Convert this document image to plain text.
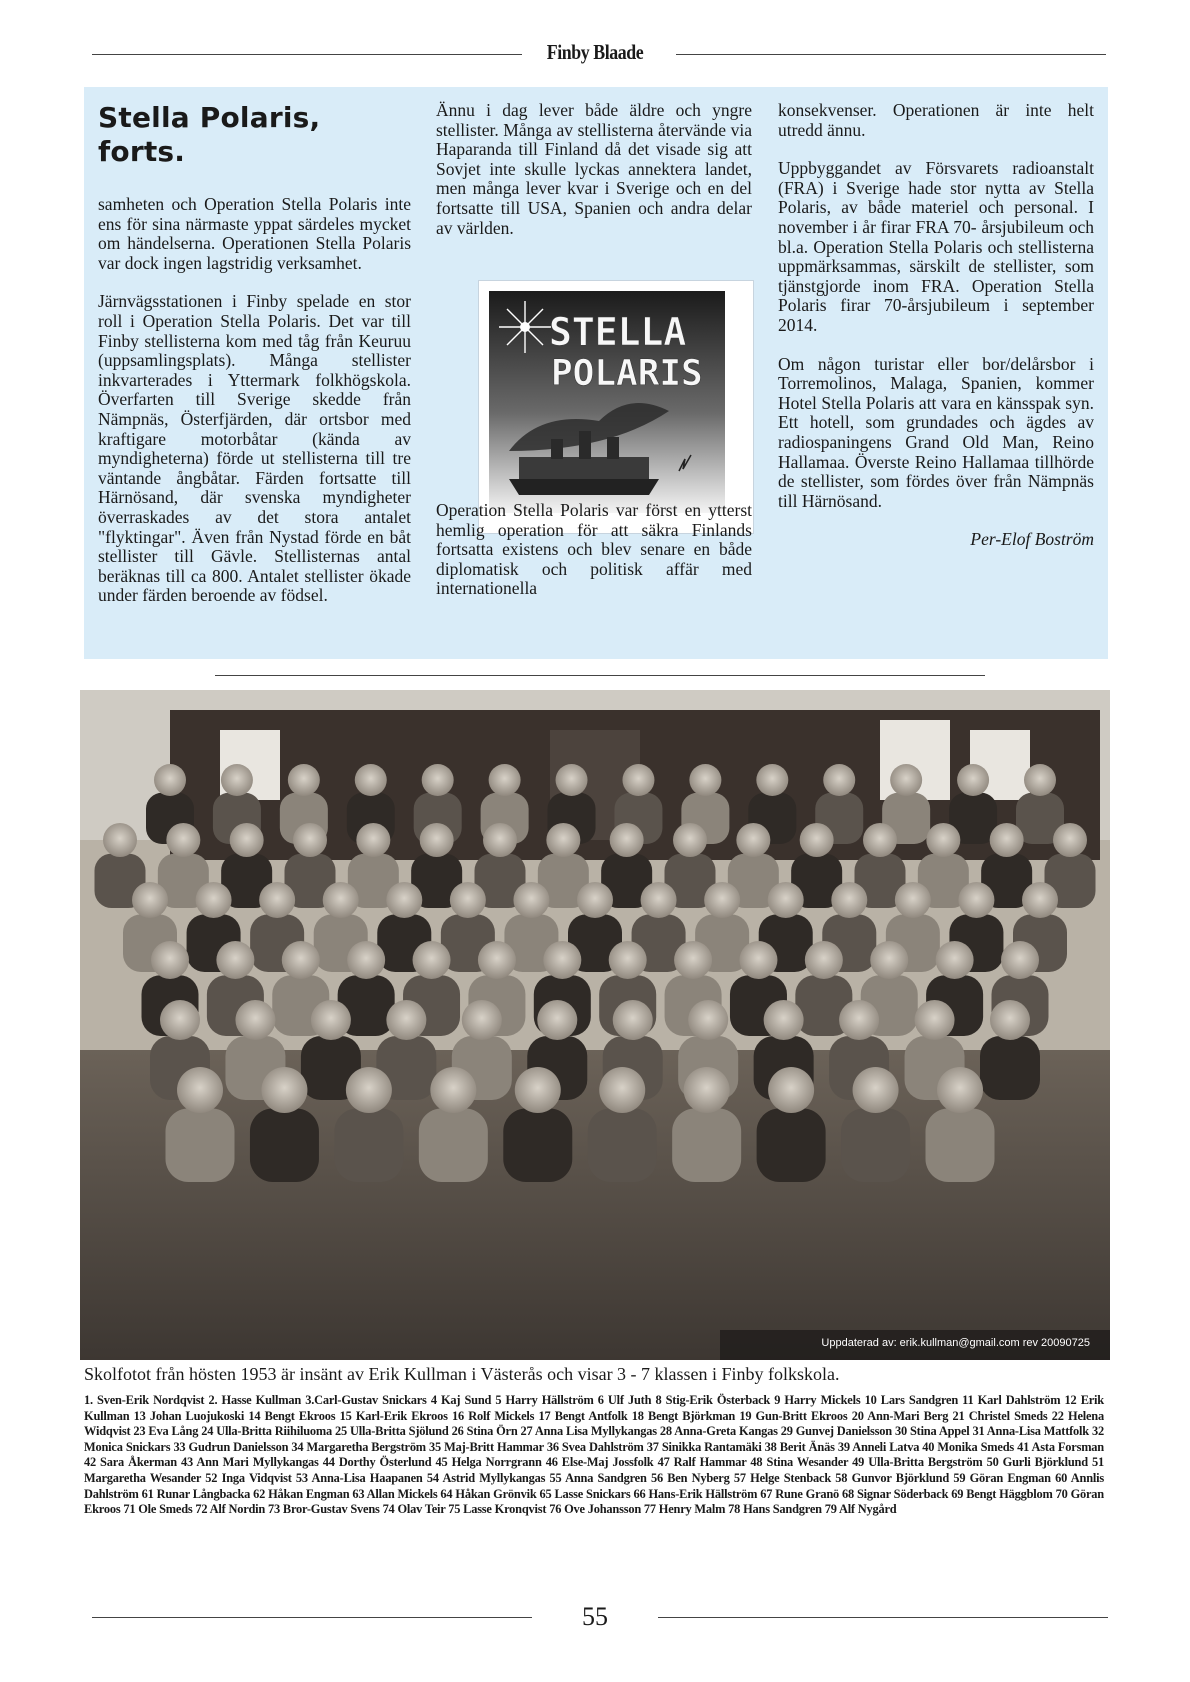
Finby Blaade
Stella Polaris, forts.

samheten och Operation Stella Polaris inte ens för sina närmaste yppat särdeles mycket om händelserna. Operationen Stella Polaris var dock ingen lagstridig verksamhet.

Järnvägsstationen i Finby spelade en stor roll i Operation Stella Polaris. Det var till Finby stellisterna kom med tåg från Keuruu (uppsamlingsplats). Många stellister inkvarterades i Yttermark folkhögskola. Överfarten till Sverige skedde från Nämpnäs, Österfjärden, där ortsbor med kraftigare motorbåtar (kända av myndigheterna) förde ut stellisterna till tre väntande ångbåtar. Färden fortsatte till Härnösand, där svenska myndigheter överraskades av det stora antalet "flyktingar". Även från Nystad förde en båt stellister till Gävle. Stellisternas antal beräknas till ca 800. Antalet stellister ökade under färden beroende av födsel.

Ännu i dag lever både äldre och yngre stellister. Många av stellisterna återvände via Haparanda till Finland då det visade sig att Sovjet inte skulle lyckas annektera landet, men många lever kvar i Sverige och en del fortsatte till USA, Spanien och andra delar av världen.

STELLA
POLARIS
Operation Stella Polaris var först en ytterst hemlig operation för att säkra Finlands fortsatta existens och blev senare en både diplomatisk och politisk affär med internationella

konsekvenser. Operationen är inte helt utredd ännu.

Uppbyggandet av Försvarets radioanstalt (FRA) i Sverige hade stor nytta av Stella Polaris, av både materiel och personal. I november i år firar FRA 70- årsjubileum och bl.a. Operation Stella Polaris och stellisterna uppmärksammas, särskilt de stellister, som tjänstgjorde inom FRA. Operation Stella Polaris firar 70-årsjubileum i september 2014.

Om någon turistar eller bor/delårsbor i Torremolinos, Malaga, Spanien, kommer Hotel Stella Polaris att vara en känsspak syn. Ett hotell, som grundades och ägdes av radiospaningens Grand Old Man, Reino Hallamaa. Överste Reino Hallamaa tillhörde de stellister, som fördes över från Nämpnäs till Härnösand.

Per-Elof Boström
Uppdaterad av: erik.kullman@gmail.com rev 20090725
Skolfotot från hösten 1953 är insänt av Erik Kullman i Västerås och visar 3 - 7 klassen i Finby folkskola.
1. Sven-Erik Nordqvist 2. Hasse Kullman 3.Carl-Gustav Snickars 4 Kaj Sund 5 Harry Hällström 6 Ulf Juth 8 Stig-Erik Österback 9 Harry Mickels 10 Lars Sandgren 11 Karl Dahlström 12 Erik Kullman 13 Johan Luojukoski 14 Bengt Ekroos 15 Karl-Erik Ekroos 16 Rolf Mickels 17 Bengt Antfolk 18 Bengt Björkman 19 Gun-Britt Ekroos 20 Ann-Mari Berg 21 Christel Smeds 22 Helena Widqvist 23 Eva Lång 24 Ulla-Britta Riihiluoma 25 Ulla-Britta Sjölund 26 Stina Örn 27 Anna Lisa Myllykangas 28 Anna-Greta Kangas 29 Gunvej Danielsson 30 Stina Appel 31 Anna-Lisa Mattfolk 32 Monica Snickars 33 Gudrun Danielsson 34 Margaretha Bergström 35 Maj-Britt Hammar 36 Svea Dahlström 37 Sinikka Rantamäki 38 Berit Änäs 39 Anneli Latva 40 Monika Smeds 41 Asta Forsman 42 Sara Åkerman 43 Ann Mari Myllykangas 44 Dorthy Österlund 45 Helga Norrgrann 46 Else-Maj Jossfolk 47 Ralf Hammar 48 Stina Wesander 49 Ulla-Britta Bergström 50 Gurli Björklund 51 Margaretha Wesander 52 Inga Vidqvist 53 Anna-Lisa Haapanen 54 Astrid Myllykangas 55 Anna Sandgren 56 Ben Nyberg 57 Helge Stenback 58 Gunvor Björklund 59 Göran Engman 60 Annlis Dahlström 61 Runar Långbacka 62 Håkan Engman 63 Allan Mickels 64 Håkan Grönvik 65 Lasse Snickars 66 Hans-Erik Hällström 67 Rune Granö 68 Signar Söderback 69 Bengt Häggblom 70 Göran Ekroos 71 Ole Smeds 72 Alf Nordin 73 Bror-Gustav Svens 74 Olav Teir 75 Lasse Kronqvist 76 Ove Johansson 77 Henry Malm 78 Hans Sandgren 79 Alf Nygård
55
